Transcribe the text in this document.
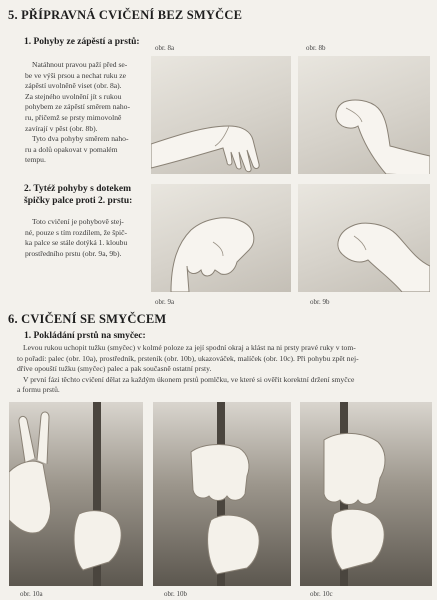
5. PŘÍPRAVNÁ CVIČENÍ BEZ SMYČCE
1. Pohyby ze zápěstí a prstů:
Natáhnout pravou paží před se-
be ve výši prsou a nechat ruku ze
zápěstí uvolněně viset (obr. 8a).
Za stejného uvolnění jít s rukou
pohybem ze zápěstí směrem naho-
ru, přičemž se prsty mimovolně
zavírají v pěst (obr. 8b).
Tyto dva pohyby směrem naho-
ru a dolů opakovat v pomalém
tempu.
obr. 8a	obr. 8b
2. Tytéž pohyby s dotekem
špičky palce proti 2. prstu:
Toto cvičení je pohybově stej-
né, pouze s tím rozdílem, že špič-
ka palce se stále dotýká 1. kloubu
prostředního prstu (obr. 9a, 9b).
obr. 9a	obr. 9b
6. CVIČENÍ SE SMYČCEM
1. Pokládání prstů na smyčec:
Levou rukou uchopit tužku (smyčec) v kolmé poloze za její spodní okraj a klást na ni prsty pravé ruky v tom-
to pořadí: palec (obr. 10a), prostředník, prsteník (obr. 10b), ukazováček, malíček (obr. 10c). Při pohybu zpět nej-
dříve opouští tužku (smyčec) palec a pak současně ostatní prsty.
V první fázi těchto cvičení dělat za každým úkonem prstů pomlčku, ve které si ověřit korektní držení smyčce
a formu prstů.
obr. 10a	obr. 10b	obr. 10c
